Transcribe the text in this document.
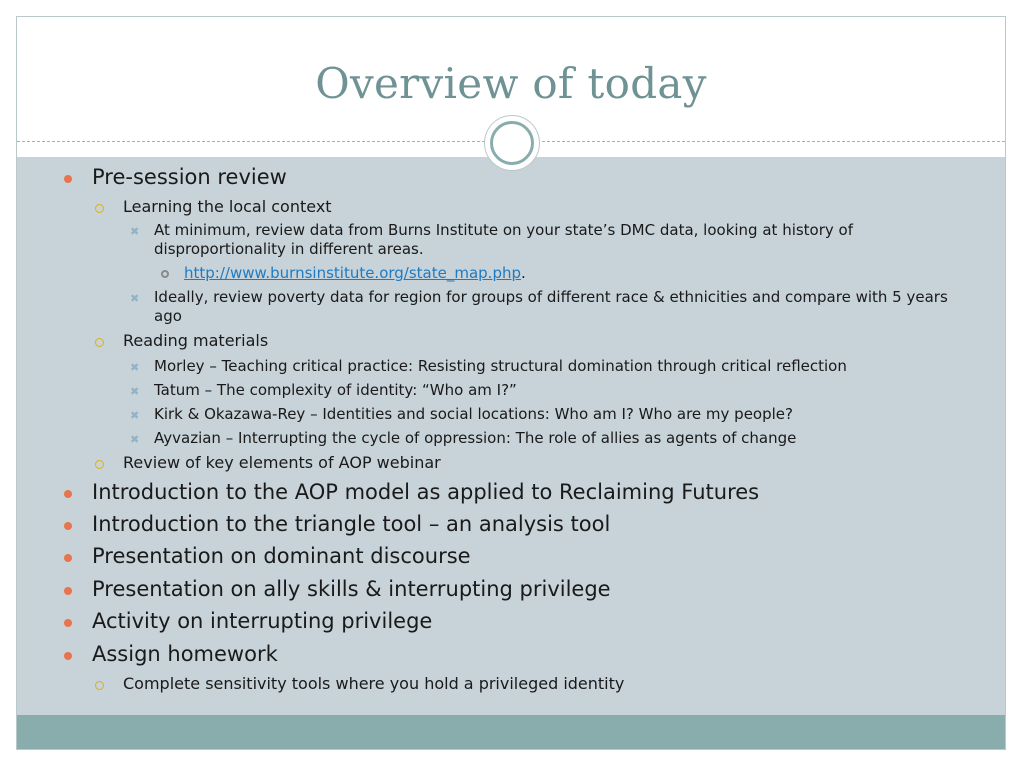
Overview of today
Pre-session review
Learning the local context
✖ At minimum, review data from Burns Institute on your state’s DMC data, looking at history of disproportionality in different areas.
http://www.burnsinstitute.org/state_map.php.
✖ Ideally, review poverty data for region for groups of different race & ethnicities and compare with 5 years ago
Reading materials
✖ Morley – Teaching critical practice: Resisting structural domination through critical reflection
✖ Tatum – The complexity of identity: “Who am I?”
✖ Kirk & Okazawa-Rey – Identities and social locations: Who am I? Who are my people?
✖ Ayvazian – Interrupting the cycle of oppression: The role of allies as agents of change
Review of key elements of AOP webinar
Introduction to the AOP model as applied to Reclaiming Futures
Introduction to the triangle tool – an analysis tool
Presentation on dominant discourse
Presentation on ally skills & interrupting privilege
Activity on interrupting privilege
Assign homework
Complete sensitivity tools where you hold a privileged identity
